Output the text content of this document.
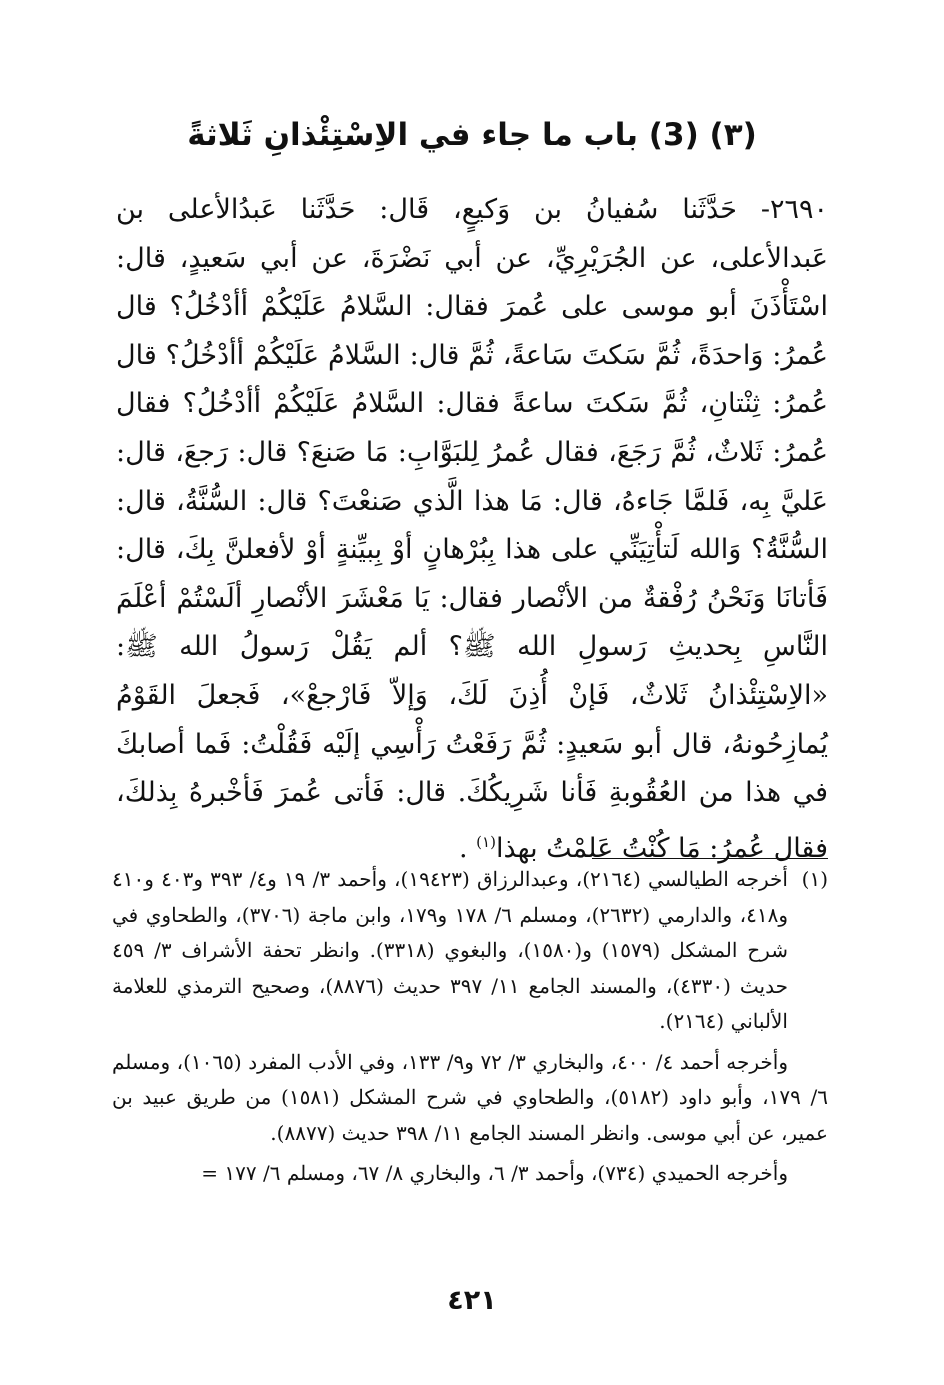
(٣) (3) باب ما جاء في الاِسْتِئْذانِ ثَلاثةً

٢٦٩٠- حَدَّثَنا سُفيانُ بن وَكيعٍ، قَال: حَدَّثَنا عَبدُالأعلى بن عَبدالأعلى، عن الجُرَيْرِيِّ، عن أبي نَضْرَةَ، عن أبي سَعيدٍ، قال: اسْتَأْذَنَ أبو موسى على عُمرَ فقال: السَّلامُ عَلَيْكُمْ أأدْخُلُ؟ قال عُمرُ: وَاحدَةً، ثُمَّ سَكتَ سَاعةً، ثُمَّ قال: السَّلامُ عَلَيْكُمْ أأدْخُلُ؟ قال عُمرُ: ثِنْتانِ، ثُمَّ سَكتَ ساعةً فقال: السَّلامُ عَلَيْكُمْ أأدْخُلُ؟ فقال عُمرُ: ثَلاثٌ، ثُمَّ رَجَعَ، فقال عُمرُ لِلبَوَّابِ: مَا صَنعَ؟ قال: رَجعَ، قال: عَليَّ بِه، فَلمَّا جَاءهُ، قال: مَا هذا الَّذي صَنعْتَ؟ قال: السُّنَّةُ، قال: السُّنَّةُ؟ وَالله لَتأْتِيَنِّي على هذا بِبُرْهانٍ أوْ بِبيِّنةٍ أوْ لأفعلنَّ بِكَ، قال: فَأتانَا وَنَحْنُ رُفْقةٌ من الأنْصار فقال: يَا مَعْشَرَ الأنْصارِ ألَسْتُمْ أعْلَمَ النَّاسِ بِحديثِ رَسولِ الله ﷺ؟ ألم يَقُلْ رَسولُ الله ﷺ: «الاِسْتِئْذانُ ثَلاثٌ، فَإنْ أُذِنَ لَكَ، وَإلاّ فَارْجعْ»، فَجعلَ القَوْمُ يُمازِحُونهُ، قال أبو سَعيدٍ: ثُمَّ رَفَعْتُ رَأْسِي إلَيْه فَقُلْتُ: فَما أصابكَ في هذا من العُقُوبةِ فَأنا شَرِيكُكَ. قال: فَأتى عُمرَ فَأخْبرهُ بِذلكَ، فقال عُمرُ: مَا كُنْتُ عَلمْتُ بهذا$^{(١)}$ .

(١)
أخرجه الطيالسي (٢١٦٤)، وعبدالرزاق (١٩٤٢٣)، وأحمد ٣/ ١٩ و٤/ ٣٩٣ و٤٠٣ و٤١٠ و٤١٨، والدارمي (٢٦٣٢)، ومسلم ٦/ ١٧٨ و١٧٩، وابن ماجة (٣٧٠٦)، والطحاوي في شرح المشكل (١٥٧٩) و(١٥٨٠)، والبغوي (٣٣١٨). وانظر تحفة الأشراف ٣/ ٤٥٩ حديث (٤٣٣٠)، والمسند الجامع ١١/ ٣٩٧ حديث (٨٨٧٦)، وصحيح الترمذي للعلامة الألباني (٢١٦٤).

وأخرجه أحمد ٤/ ٤٠٠، والبخاري ٣/ ٧٢ و٩/ ١٣٣، وفي الأدب المفرد (١٠٦٥)، ومسلم ٦/ ١٧٩، وأبو داود (٥١٨٢)، والطحاوي في شرح المشكل (١٥٨١) من طريق عبيد بن عمير، عن أبي موسى. وانظر المسند الجامع ١١/ ٣٩٨ حديث (٨٨٧٧).

وأخرجه الحميدي (٧٣٤)، وأحمد ٣/ ٦، والبخاري ٨/ ٦٧، ومسلم ٦/ ١٧٧ =

٤٢١
